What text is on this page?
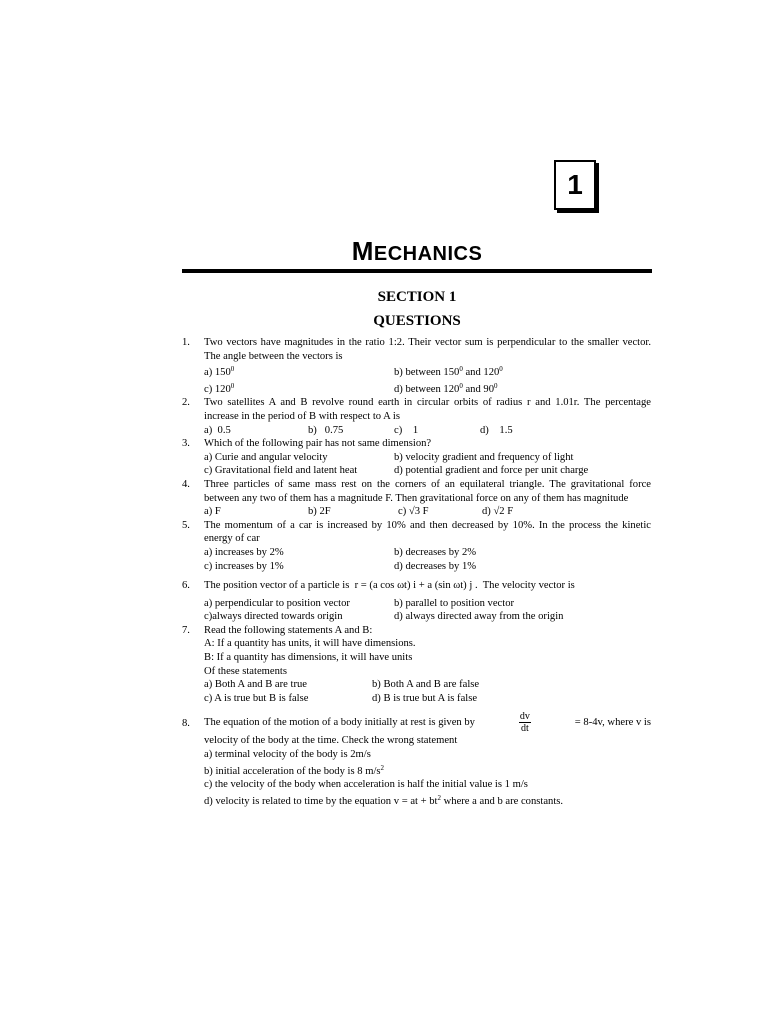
1
MECHANICS
SECTION 1
QUESTIONS
1.	Two vectors have magnitudes in the ratio 1:2. Their vector sum is perpendicular to the smaller vector. The angle between the vectors is
a) $150^0$	b) between $150^0$ and $120^0$
c) $120^0$	d) between $120^0$ and $90^0$
2.	Two satellites A and B revolve round earth in circular orbits of radius r and 1.01r. The percentage increase in the period of B with respect to A is
a)  0.5	b)   0.75	c)    1	d)    1.5
3.	Which of the following pair has not same dimension?
a) Curie and angular velocity	b) velocity gradient and frequency of light
c) Gravitational field and latent heat	d) potential gradient and force per unit charge
4.	Three particles of same mass rest on the corners of an equilateral triangle. The gravitational force between any two of them has a magnitude F. Then gravitational force on any of them has magnitude
a) F	b) 2F	c) √3 F	d) √2 F
5.	The momentum of a car is increased by 10% and then decreased by 10%. In the process the kinetic energy of car
a) increases by 2%	b) decreases by 2%
c) increases by 1%	d) decreases by 1%
6.	The position vector of a particle is  r = (a cos ωt) i + a (sin ωt) j .  The velocity vector is
a) perpendicular to position vector	b) parallel to position vector
c)always directed towards origin	d) always directed away from the origin
7.	Read the following statements A and B:
A: If a quantity has units, it will have dimensions.
B: If a quantity has dimensions, it will have units
Of these statements
a) Both A and B are true	b) Both A and B are false
c) A is true but B is false	d) B is true but A is false
8.	The equation of the motion of a body initially at rest is given by	$\frac{dv}{dt}$	= 8-4v, where v is
velocity of the body at the time. Check the wrong statement
a) terminal velocity of the body is 2m/s
b) initial acceleration of the body is 8 $m/s^2$
c) the velocity of the body when acceleration is half the initial value is 1 m/s
d) velocity is related to time by the equation v = at + $bt^2$ where a and b are constants.
